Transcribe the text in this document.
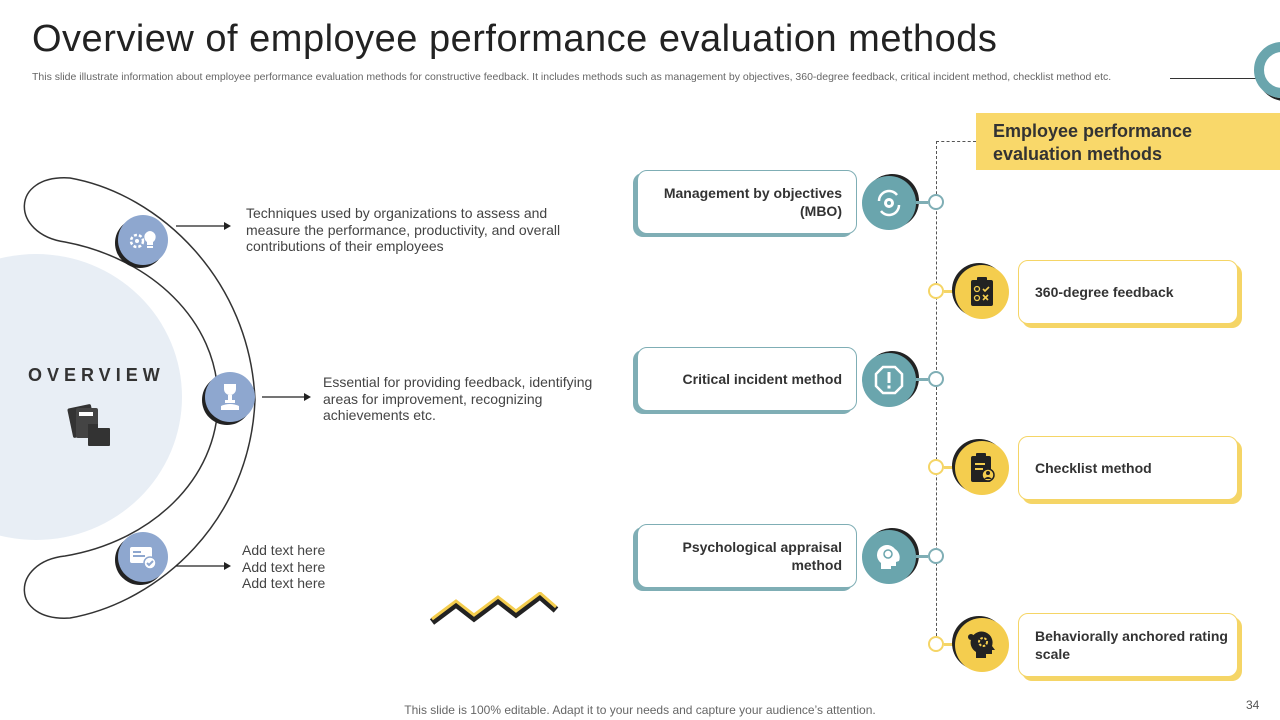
Overview of employee performance evaluation methods
This slide illustrate information about employee performance evaluation methods for constructive feedback. It includes methods such as management by objectives, 360-degree feedback, critical incident method, checklist method etc.
OVERVIEW
Techniques used by organizations to assess and measure the performance, productivity, and overall contributions of their employees
Essential for providing feedback, identifying areas for improvement, recognizing achievements etc.
Add text here
Add text here
Add text here
Employee performance evaluation methods
Management by objectives (MBO)
Critical incident method
Psychological appraisal method
360-degree feedback
Checklist method
Behaviorally anchored rating scale
This slide is 100% editable. Adapt it to your needs and capture your audience’s attention.	34
